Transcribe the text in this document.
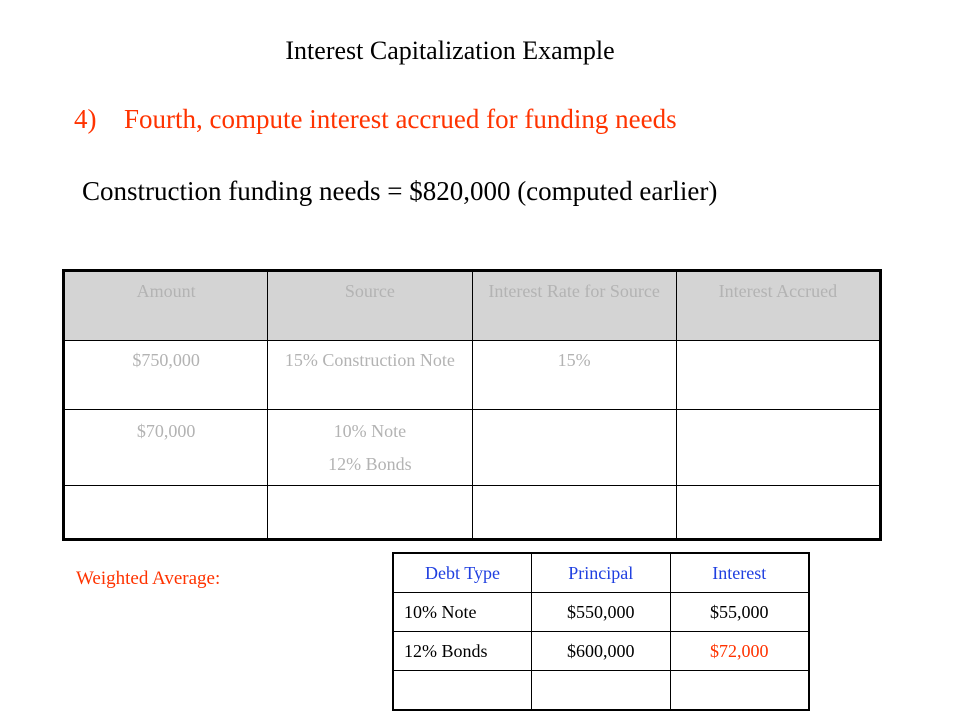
Interest Capitalization Example
4) Fourth, compute interest accrued for funding needs
Construction funding needs = $820,000 (computed earlier)
Amount	Source	Interest Rate for Source	Interest Accrued
$750,000	15% Construction Note	15%	
$70,000	10% Note
12% Bonds		

Weighted Average:	Debt Type	Principal	Interest
10% Note	$550,000	$55,000
12% Bonds	$600,000	$72,000
